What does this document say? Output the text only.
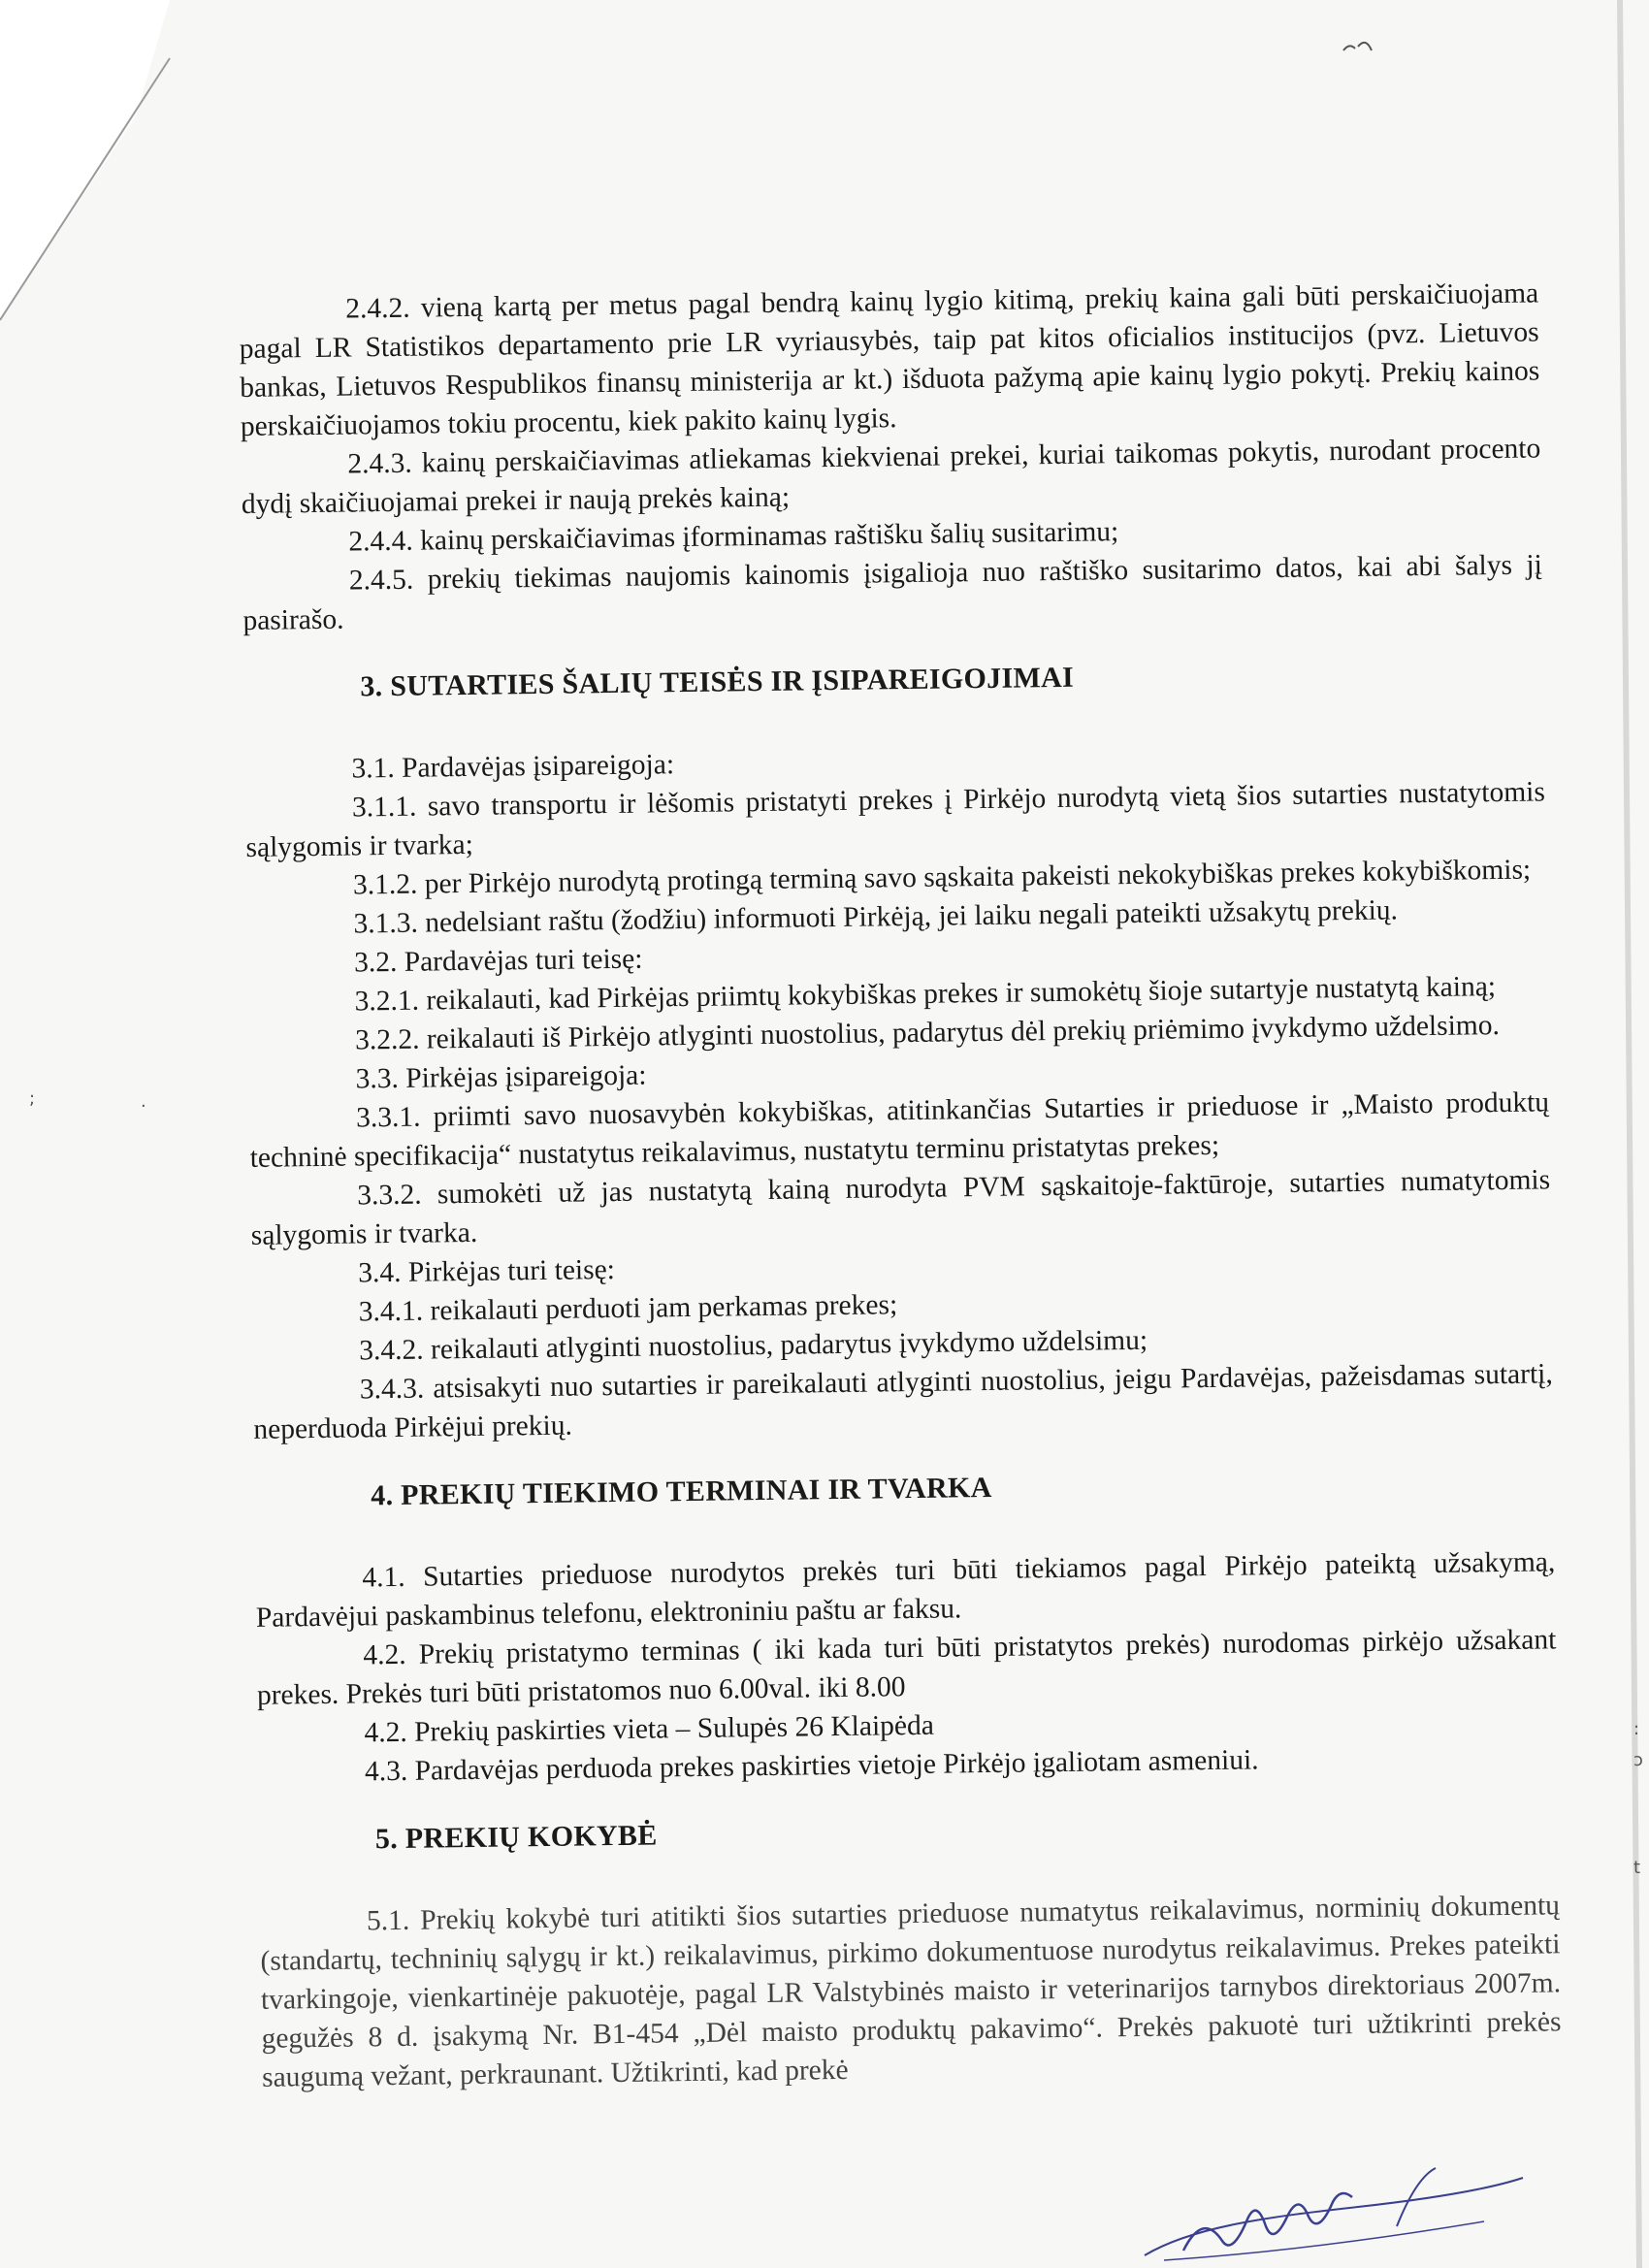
;	·
:
ɔ
t

2.4.2. vieną kartą per metus pagal bendrą kainų lygio kitimą, prekių kaina gali būti perskaičiuojama pagal LR Statistikos departamento prie LR vyriausybės, taip pat kitos oficialios institucijos (pvz. Lietuvos bankas, Lietuvos Respublikos finansų ministerija ar kt.) išduota pažymą apie kainų lygio pokytį. Prekių kainos perskaičiuojamos tokiu procentu, kiek pakito kainų lygis.

2.4.3. kainų perskaičiavimas atliekamas kiekvienai prekei, kuriai taikomas pokytis, nurodant procento dydį skaičiuojamai prekei ir naują prekės kainą;

2.4.4. kainų perskaičiavimas įforminamas raštišku šalių susitarimu;

2.4.5. prekių tiekimas naujomis kainomis įsigalioja nuo raštiško susitarimo datos, kai abi šalys jį pasirašo.

3. SUTARTIES ŠALIŲ TEISĖS IR ĮSIPAREIGOJIMAI

3.1. Pardavėjas įsipareigoja:

3.1.1. savo transportu ir lėšomis pristatyti prekes į Pirkėjo nurodytą vietą šios sutarties nustatytomis sąlygomis ir tvarka;

3.1.2. per Pirkėjo nurodytą protingą terminą savo sąskaita pakeisti nekokybiškas prekes kokybiškomis;

3.1.3. nedelsiant raštu (žodžiu) informuoti Pirkėją, jei laiku negali pateikti užsakytų prekių.

3.2. Pardavėjas turi teisę:

3.2.1. reikalauti, kad Pirkėjas priimtų kokybiškas prekes ir sumokėtų šioje sutartyje nustatytą kainą;

3.2.2. reikalauti iš Pirkėjo atlyginti nuostolius, padarytus dėl prekių priėmimo įvykdymo uždelsimo.

3.3. Pirkėjas įsipareigoja:

3.3.1. priimti savo nuosavybėn kokybiškas, atitinkančias Sutarties ir prieduose ir „Maisto produktų techninė specifikacija“ nustatytus reikalavimus, nustatytu terminu pristatytas prekes;

3.3.2. sumokėti už jas nustatytą kainą nurodyta PVM sąskaitoje-faktūroje, sutarties numatytomis sąlygomis ir tvarka.

3.4. Pirkėjas turi teisę:

3.4.1. reikalauti perduoti jam perkamas prekes;

3.4.2. reikalauti atlyginti nuostolius, padarytus įvykdymo uždelsimu;

3.4.3. atsisakyti nuo sutarties ir pareikalauti atlyginti nuostolius, jeigu Pardavėjas, pažeisdamas sutartį, neperduoda Pirkėjui prekių.

4. PREKIŲ TIEKIMO TERMINAI IR TVARKA

4.1. Sutarties prieduose nurodytos prekės turi būti tiekiamos pagal Pirkėjo pateiktą užsakymą, Pardavėjui paskambinus telefonu, elektroniniu paštu ar faksu.

4.2. Prekių pristatymo terminas ( iki kada turi būti pristatytos prekės) nurodomas pirkėjo užsakant prekes. Prekės turi būti pristatomos nuo 6.00val. iki 8.00

4.2. Prekių paskirties vieta – Sulupės 26 Klaipėda

4.3. Pardavėjas perduoda prekes paskirties vietoje Pirkėjo įgaliotam asmeniui.

5. PREKIŲ KOKYBĖ

5.1. Prekių kokybė turi atitikti šios sutarties prieduose numatytus reikalavimus, norminių dokumentų (standartų, techninių sąlygų ir kt.) reikalavimus, pirkimo dokumentuose nurodytus reikalavimus. Prekes pateikti tvarkingoje, vienkartinėje pakuotėje, pagal LR Valstybinės maisto ir veterinarijos tarnybos direktoriaus 2007m. gegužės 8 d. įsakymą Nr. B1-454 „Dėl maisto produktų pakavimo“. Prekės pakuotė turi užtikrinti prekės saugumą vežant, perkraunant. Užtikrinti, kad prekė
